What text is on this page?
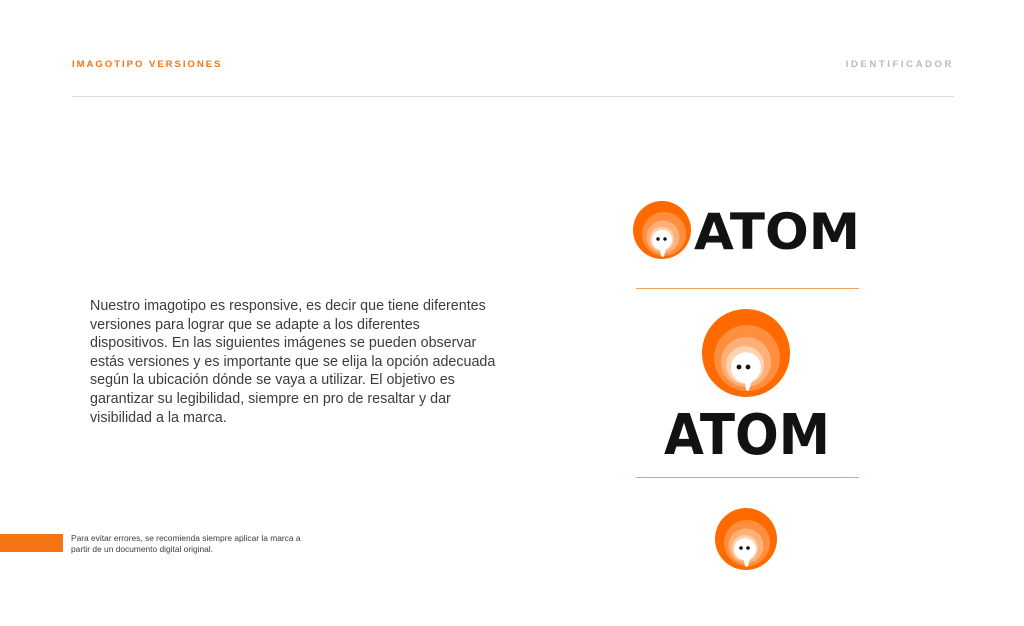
IMAGOTIPO VERSIONES	IDENTIFICADOR
Nuestro imagotipo es responsive, es decir que tiene diferentes versiones para lograr que se adapte a los diferentes dispositivos. En las siguientes imágenes se pueden observar estás versiones y es importante que se elija la opción adecuada según la ubicación dónde se vaya a utilizar. El objetivo es garantizar su legibilidad, siempre en pro de resaltar y dar visibilidad a la marca.
Para evitar errores, se recomienda siempre aplicar la marca a partir de un documento digital original.
ATOM
ATOM
